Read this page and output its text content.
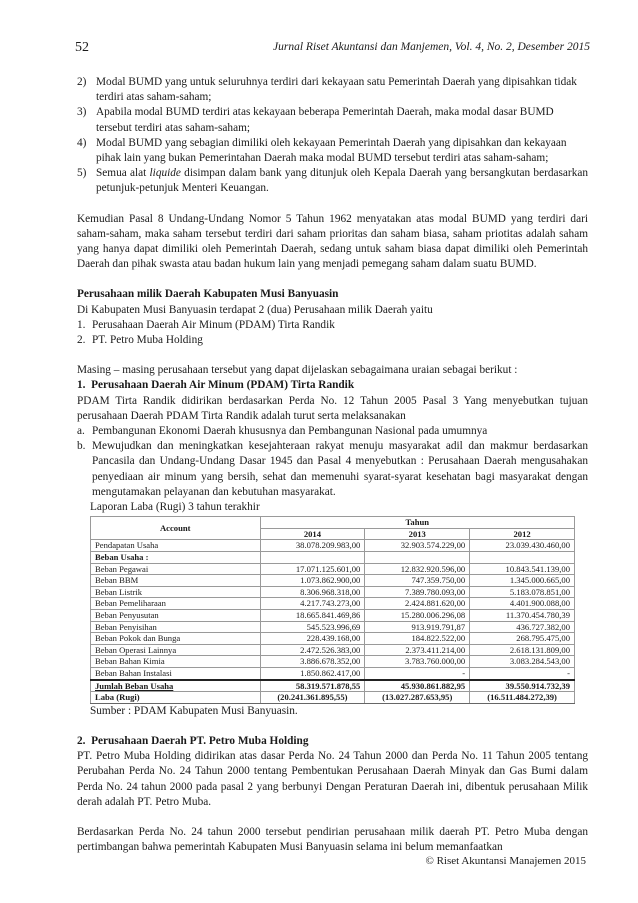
52	Jurnal Riset Akuntansi dan Manjemen, Vol. 4, No. 2, Desember 2015
2) Modal BUMD yang untuk seluruhnya terdiri dari kekayaan satu Pemerintah Daerah yang dipisahkan tidak terdiri atas saham-saham;
3) Apabila modal BUMD terdiri atas kekayaan beberapa Pemerintah Daerah, maka modal dasar BUMD tersebut terdiri atas saham-saham;
4) Modal BUMD yang sebagian dimiliki oleh kekayaan Pemerintah Daerah yang dipisahkan dan kekayaan pihak lain yang bukan Pemerintahan Daerah maka modal BUMD tersebut terdiri atas saham-saham;
5) Semua alat liquide disimpan dalam bank yang ditunjuk oleh Kepala Daerah yang bersangkutan berdasarkan petunjuk-petunjuk Menteri Keuangan.

Kemudian Pasal 8 Undang-Undang Nomor 5 Tahun 1962 menyatakan atas modal BUMD yang terdiri dari saham-saham, maka saham tersebut terdiri dari saham prioritas dan saham biasa, saham priotitas adalah saham yang hanya dapat dimiliki oleh Pemerintah Daerah, sedang untuk saham biasa dapat dimiliki oleh Pemerintah Daerah dan pihak swasta atau badan hukum lain yang menjadi pemegang saham dalam suatu BUMD.

Perusahaan milik Daerah Kabupaten Musi Banyuasin

Di Kabupaten Musi Banyuasin terdapat 2 (dua) Perusahaan milik Daerah yaitu

1. Perusahaan Daerah Air Minum (PDAM) Tirta Randik
2. PT. Petro Muba Holding

Masing – masing perusahaan tersebut yang dapat dijelaskan sebagaimana uraian sebagai berikut :

1.  Perusahaan Daerah Air Minum (PDAM) Tirta Randik

PDAM Tirta Randik didirikan berdasarkan Perda No. 12 Tahun 2005 Pasal 3 Yang menyebutkan tujuan perusahaan Daerah PDAM Tirta Randik adalah turut serta melaksanakan

a. Pembangunan Ekonomi Daerah khususnya dan Pembangunan Nasional pada umumnya
b. Mewujudkan dan meningkatkan kesejahteraan rakyat menuju masyarakat adil dan makmur berdasarkan Pancasila dan Undang-Undang Dasar 1945 dan Pasal 4 menyebutkan : Perusahaan Daerah mengusahakan penyediaan air minum yang bersih, sehat dan memenuhi syarat-syarat kesehatan bagi masyarakat dengan mengutamakan pelayanan dan kebutuhan masyarakat.

Laporan Laba (Rugi) 3 tahun terakhir

Account	Tahun		
	2014	2013	2012
Pendapatan Usaha	38.078.209.983,00	32.903.574.229,00	23.039.430.460,00
Beban Usaha :			
Beban Pegawai	17.071.125.601,00	12.832.920.596,00	10.843.541.139,00
Beban BBM	1.073.862.900,00	747.359.750,00	1.345.000.665,00
Beban Listrik	8.306.968.318,00	7.389.780.093,00	5.183.078.851,00
Beban Pemeliharaan	4.217.743.273,00	2.424.881.620,00	4.401.900.088,00
Beban Penyusutan	18.665.841.469,86	15.280.006.296,08	11.370.454.780,39
Beban Penyisihan	545.523.996,69	913.919.791,87	436.727.382,00
Beban Pokok dan Bunga	228.439.168,00	184.822.522,00	268.795.475,00
Beban Operasi Lainnya	2.472.526.383,00	2.373.411.214,00	2.618.131.809,00
Beban Bahan Kimia	3.886.678.352,00	3.783.760.000,00	3.083.284.543,00
Beban Bahan Instalasi	1.850.862.417,00	-	-
Jumlah Beban Usaha	58.319.571.878,55	45.930.861.882,95	39.550.914.732,39
Laba (Rugi)	(20.241.361.895,55)	(13.027.287.653,95)	(16.511.484.272,39)

Sumber : PDAM Kabupaten Musi Banyuasin.

2.  Perusahaan Daerah PT. Petro Muba Holding

PT. Petro Muba Holding didirikan atas dasar Perda No. 24 Tahun 2000 dan Perda No. 11 Tahun 2005 tentang Perubahan Perda No. 24 Tahun 2000 tentang Pembentukan Perusahaan Daerah Minyak dan Gas Bumi dalam Perda No. 24 tahun 2000 pada pasal 2 yang berbunyi Dengan Peraturan Daerah ini, dibentuk perusahaan Milik derah adalah PT. Petro Muba.

Berdasarkan Perda No. 24 tahun 2000 tersebut pendirian perusahaan milik daerah PT. Petro Muba dengan pertimbangan bahwa pemerintah Kabupaten Musi Banyuasin selama ini belum memanfaatkan

© Riset Akuntansi Manajemen 2015
